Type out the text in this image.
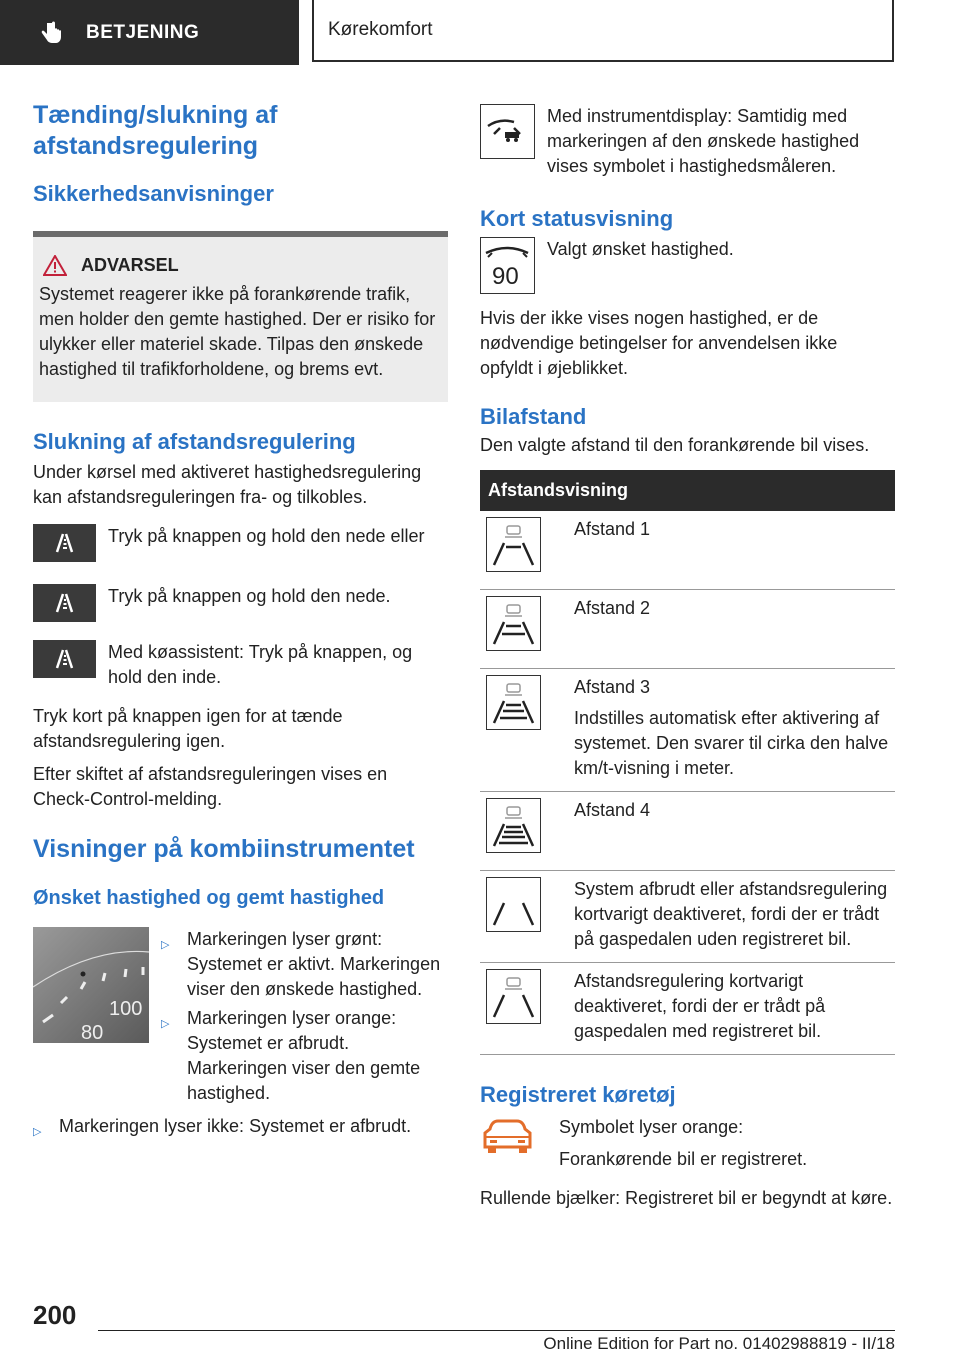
BETJENING	Kørekomfort
Tænding/slukning af afstandsregulering
Sikkerhedsanvisninger
ADVARSEL

Systemet reagerer ikke på forankørende trafik, men holder den gemte hastighed. Der er risiko for ulykker eller materiel skade. Tilpas den ønskede hastighed til trafikforholdene, og brems evt.

Slukning af afstandsregulering

Under kørsel med aktiveret hastighedsregulering kan afstandsreguleringen fra- og tilkobles.

Tryk på knappen og hold den nede eller

Tryk på knappen og hold den nede.

Med køassistent: Tryk på knappen, og hold den inde.

Tryk kort på knappen igen for at tænde afstandsregulering igen.

Efter skiftet af afstandsreguleringen vises en Check-Control-melding.

Visninger på kombiinstrumentet
Ønsket hastighed og gemt hastighed
100
80
▷ Markeringen lyser grønt: Systemet er aktivt. Markeringen viser den ønskede hastighed.
▷ Markeringen lyser orange: Systemet er afbrudt. Markeringen viser den gemte hastighed.
▷ Markeringen lyser ikke: Systemet er afbrudt.

Med instrumentdisplay: Samtidig med markeringen af den ønskede hastighed vises symbolet i hastighedsmåleren.

Kort statusvisning
90

Valgt ønsket hastighed.

Hvis der ikke vises nogen hastighed, er de nødvendige betingelser for anvendelsen ikke opfyldt i øjeblikket.

Bilafstand

Den valgte afstand til den forankørende bil vises.

Afstandsvisning	

Afstand 1

Afstand 2

Afstand 3
Indstilles automatisk efter aktivering af systemet. Den svarer til cirka den halve km/t-visning i meter.

Afstand 4

System afbrudt eller afstandsregulering kortvarigt deaktiveret, fordi der er trådt på gaspedalen uden registreret bil.

Afstandsregulering kortvarigt deaktiveret, fordi der er trådt på gaspedalen med registreret bil.
Registreret køretøj

Symbolet lyser orange:

Forankørende bil er registreret.

Rullende bjælker: Registreret bil er begyndt at køre.

200
Online Edition for Part no. 01402988819 - II/18
